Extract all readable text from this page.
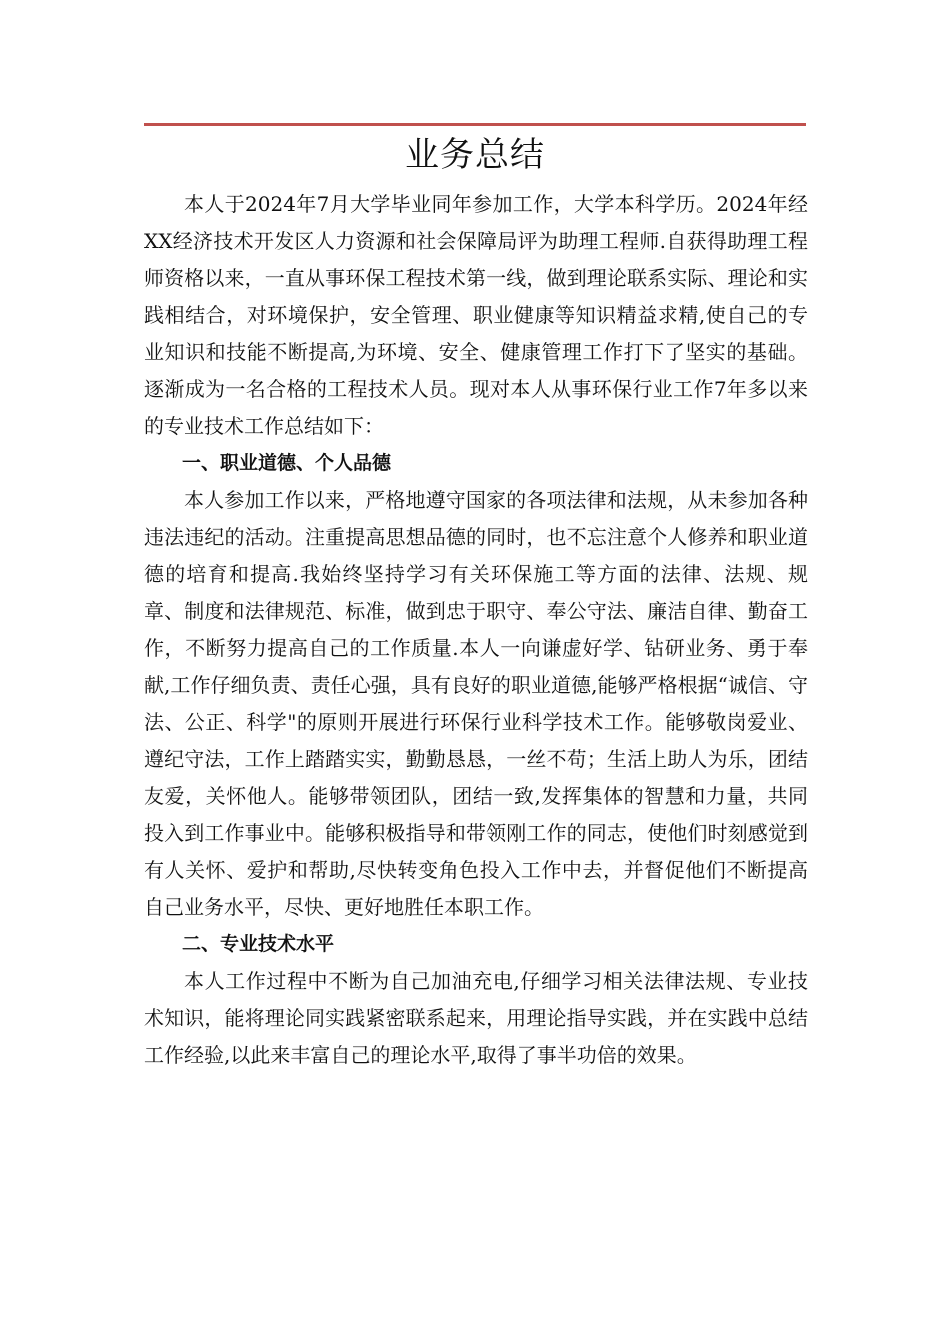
业务总结

本人于2024年7月大学毕业同年参加工作，大学本科学历。2024年经XX经济技术开发区人力资源和社会保障局评为助理工程师.自获得助理工程师资格以来，一直从事环保工程技术第一线，做到理论联系实际、理论和实践相结合，对环境保护，安全管理、职业健康等知识精益求精,使自己的专业知识和技能不断提高,为环境、安全、健康管理工作打下了坚实的基础。逐渐成为一名合格的工程技术人员。现对本人从事环保行业工作7年多以来的专业技术工作总结如下：

一、职业道德、个人品德

本人参加工作以来，严格地遵守国家的各项法律和法规，从未参加各种违法违纪的活动。注重提高思想品德的同时，也不忘注意个人修养和职业道德的培育和提高.我始终坚持学习有关环保施工等方面的法律、法规、规章、制度和法律规范、标准，做到忠于职守、奉公守法、廉洁自律、勤奋工作，不断努力提高自己的工作质量.本人一向谦虚好学、钻研业务、勇于奉献,工作仔细负责、责任心强，具有良好的职业道德,能够严格根据“诚信、守法、公正、科学"的原则开展进行环保行业科学技术工作。能够敬岗爱业、遵纪守法，工作上踏踏实实，勤勤恳恳，一丝不苟；生活上助人为乐，团结友爱，关怀他人。能够带领团队，团结一致,发挥集体的智慧和力量，共同投入到工作事业中。能够积极指导和带领刚工作的同志，使他们时刻感觉到有人关怀、爱护和帮助,尽快转变角色投入工作中去，并督促他们不断提高自己业务水平，尽快、更好地胜任本职工作。

二、专业技术水平

本人工作过程中不断为自己加油充电,仔细学习相关法律法规、专业技术知识，能将理论同实践紧密联系起来，用理论指导实践，并在实践中总结工作经验,以此来丰富自己的理论水平,取得了事半功倍的效果。
